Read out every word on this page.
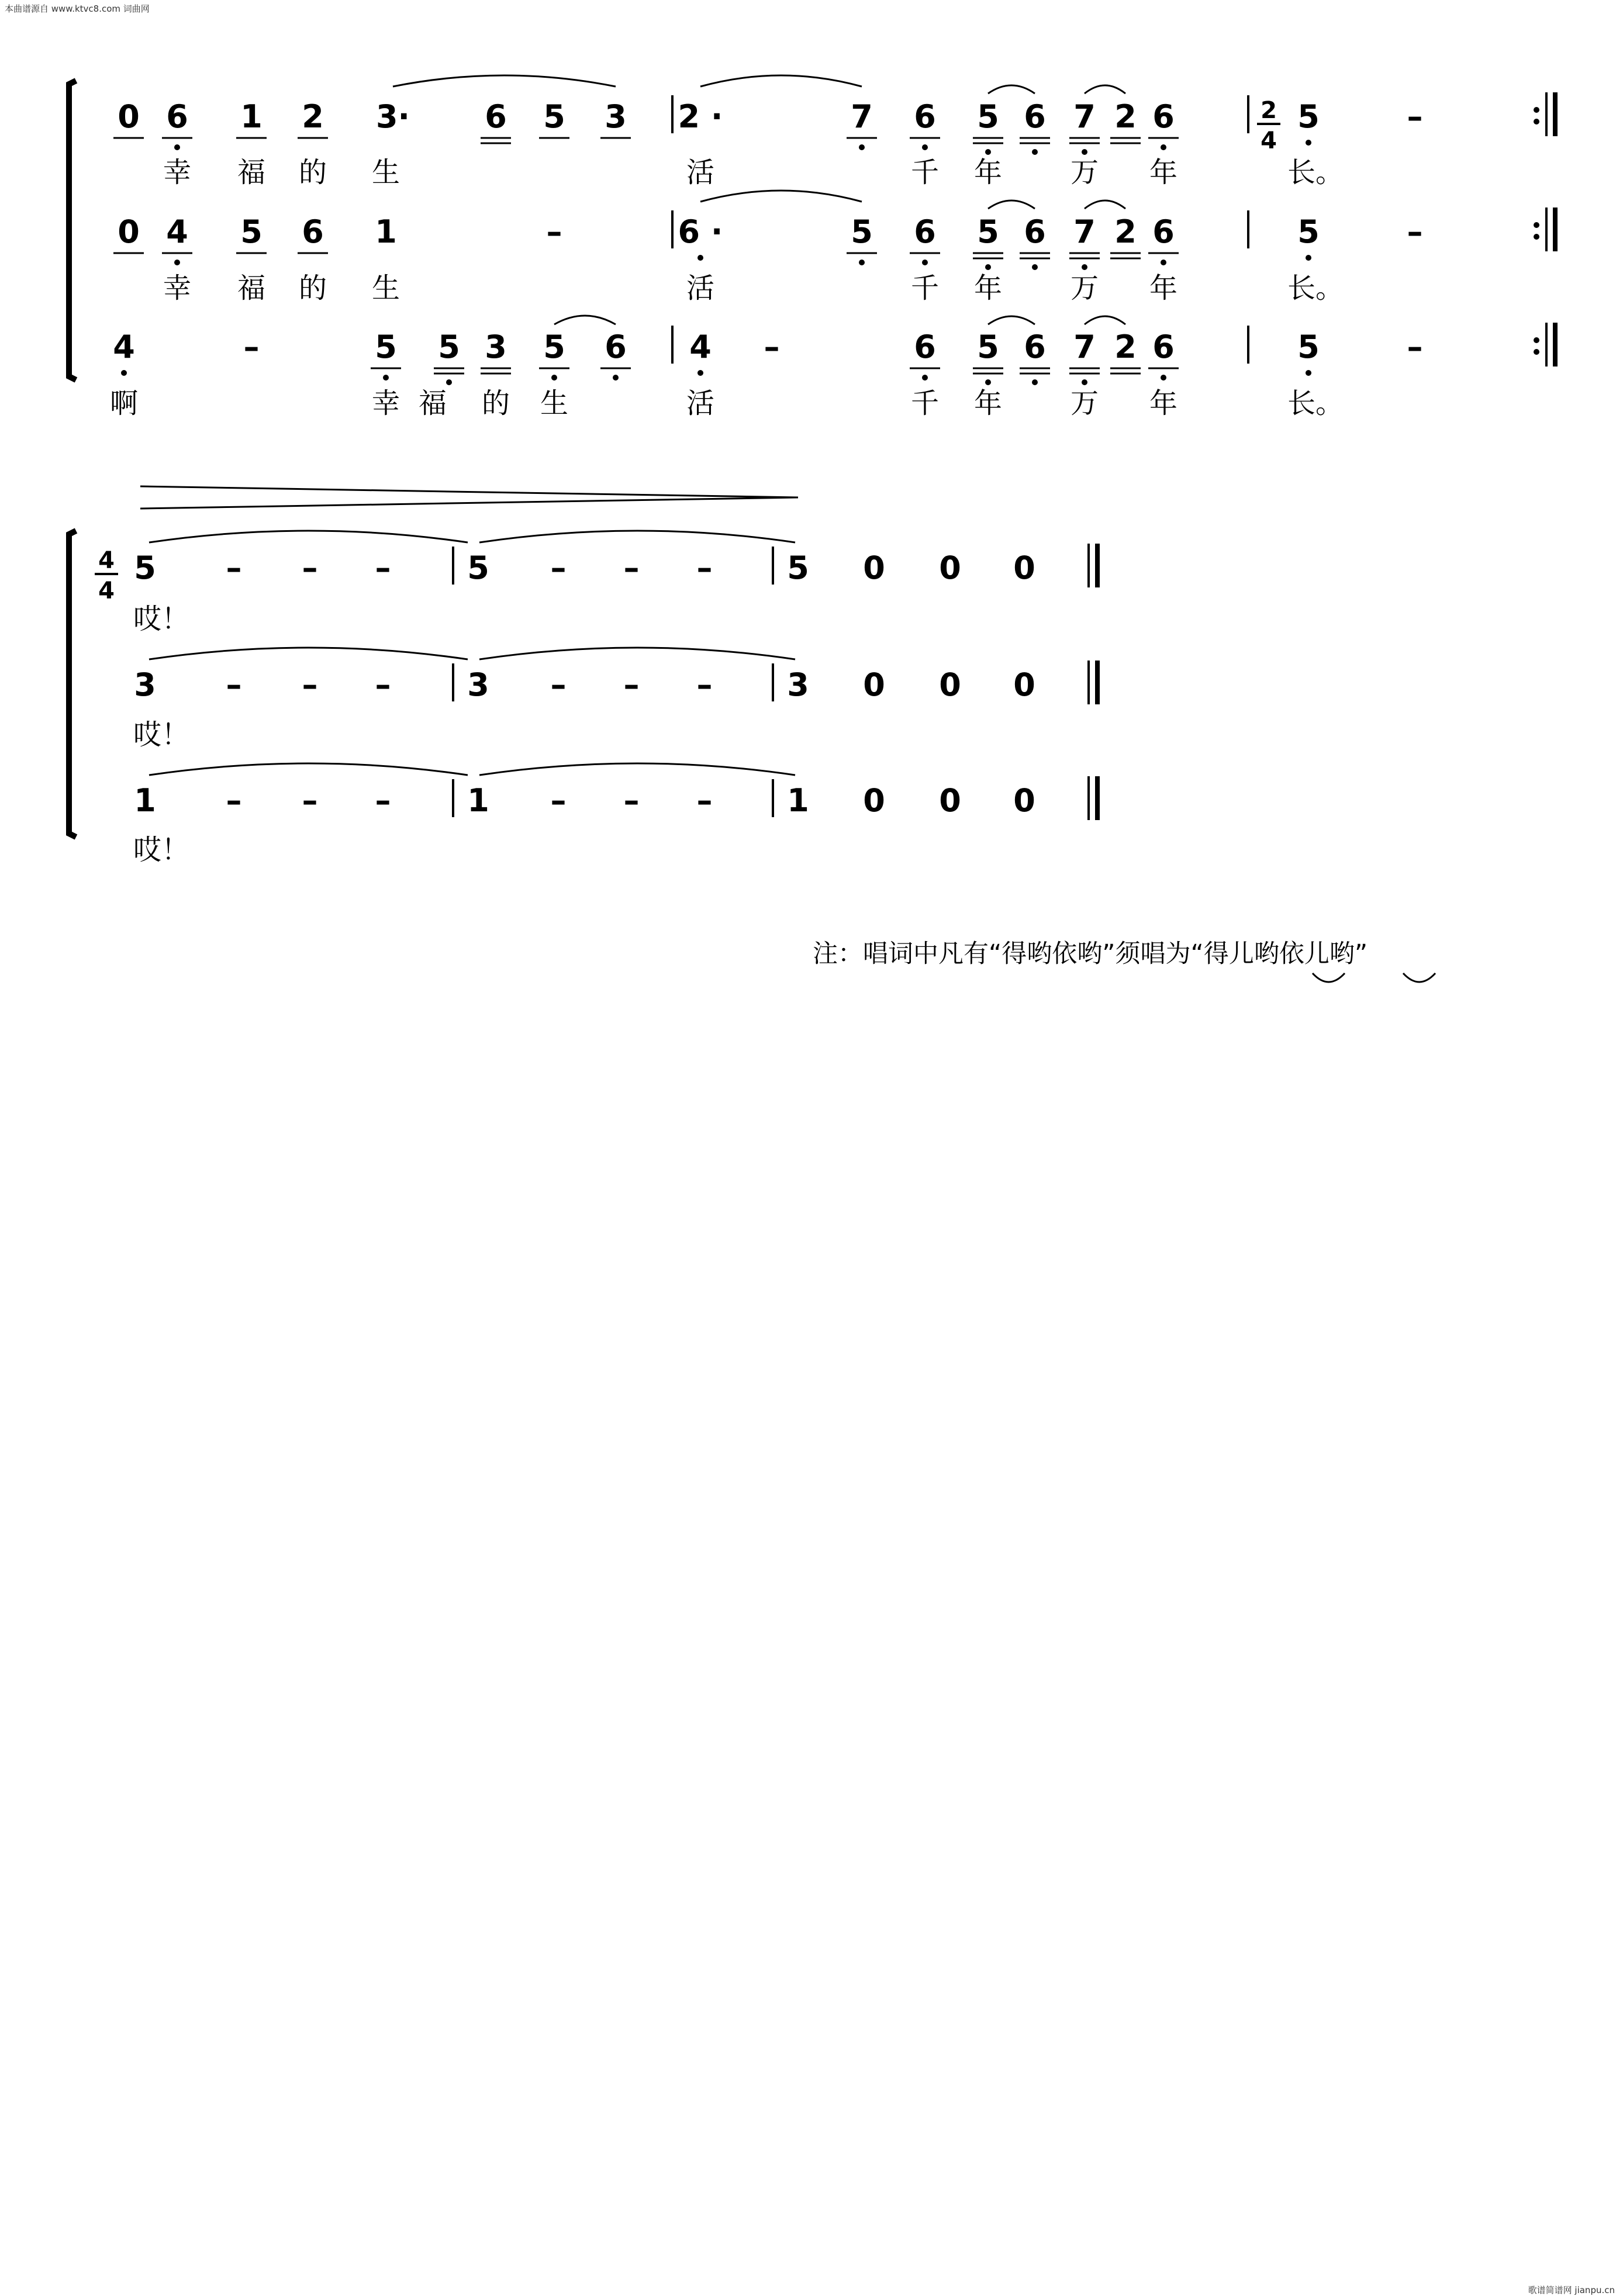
本曲谱源自 www.ktvc8.com 词曲网
歌谱简谱网 jianpu.cn
0 6 1 2 3· 6 5 3 2 ·	7 6 5 6 7 2 6	5	–
幸 福 的 生	活	千 年 万 年	长。
0 4 5 6 1	–	6 ·	5 6 5 6 7 2 6	5	–
幸 福 的 生	活	千 年 万 年	长。
4	–	5 5 3 5 6 4 –	6 5 6 7 2 6	5	–
啊	幸 福 的 生	活	千 年 万 年	长。
2
4
4
4
5 – – – 5 – – – 5 0 0 0
哎！
3 – – – 3 – – – 3 0 0 0
哎！
1 – – – 1 – – – 1 0 0 0
哎！
注：唱词中凡有“得哟依哟”须唱为“得儿哟依儿哟”
